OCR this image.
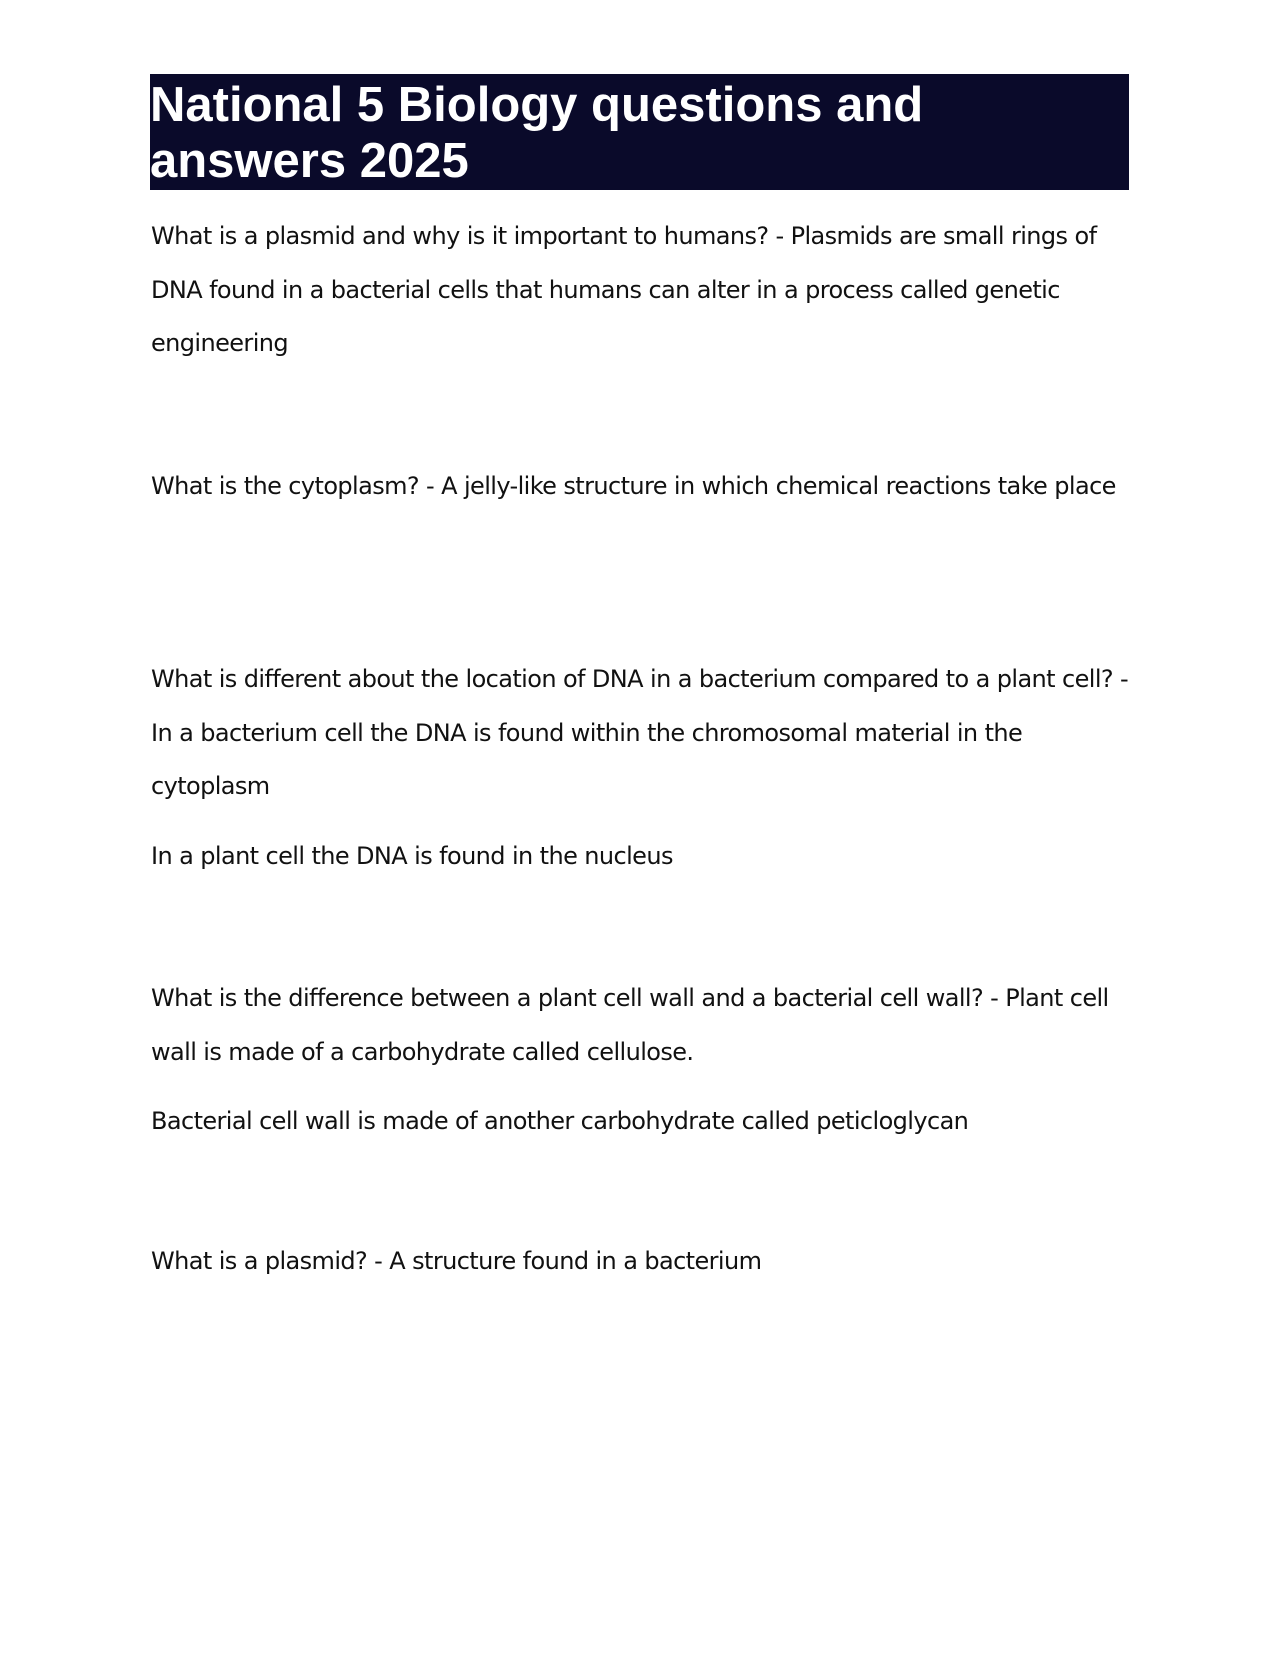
National 5 Biology questions and answers 2025

What is a plasmid and why is it important to humans? - Plasmids are small rings of DNA found in a bacterial cells that humans can alter in a process called genetic engineering

What is the cytoplasm? - A jelly-like structure in which chemical reactions take place

What is different about the location of DNA in a bacterium compared to a plant cell? - In a bacterium cell the DNA is found within the chromosomal material in the cytoplasm

In a plant cell the DNA is found in the nucleus

What is the difference between a plant cell wall and a bacterial cell wall? - Plant cell wall is made of a carbohydrate called cellulose.

Bacterial cell wall is made of another carbohydrate called peticloglycan

What is a plasmid? - A structure found in a bacterium
